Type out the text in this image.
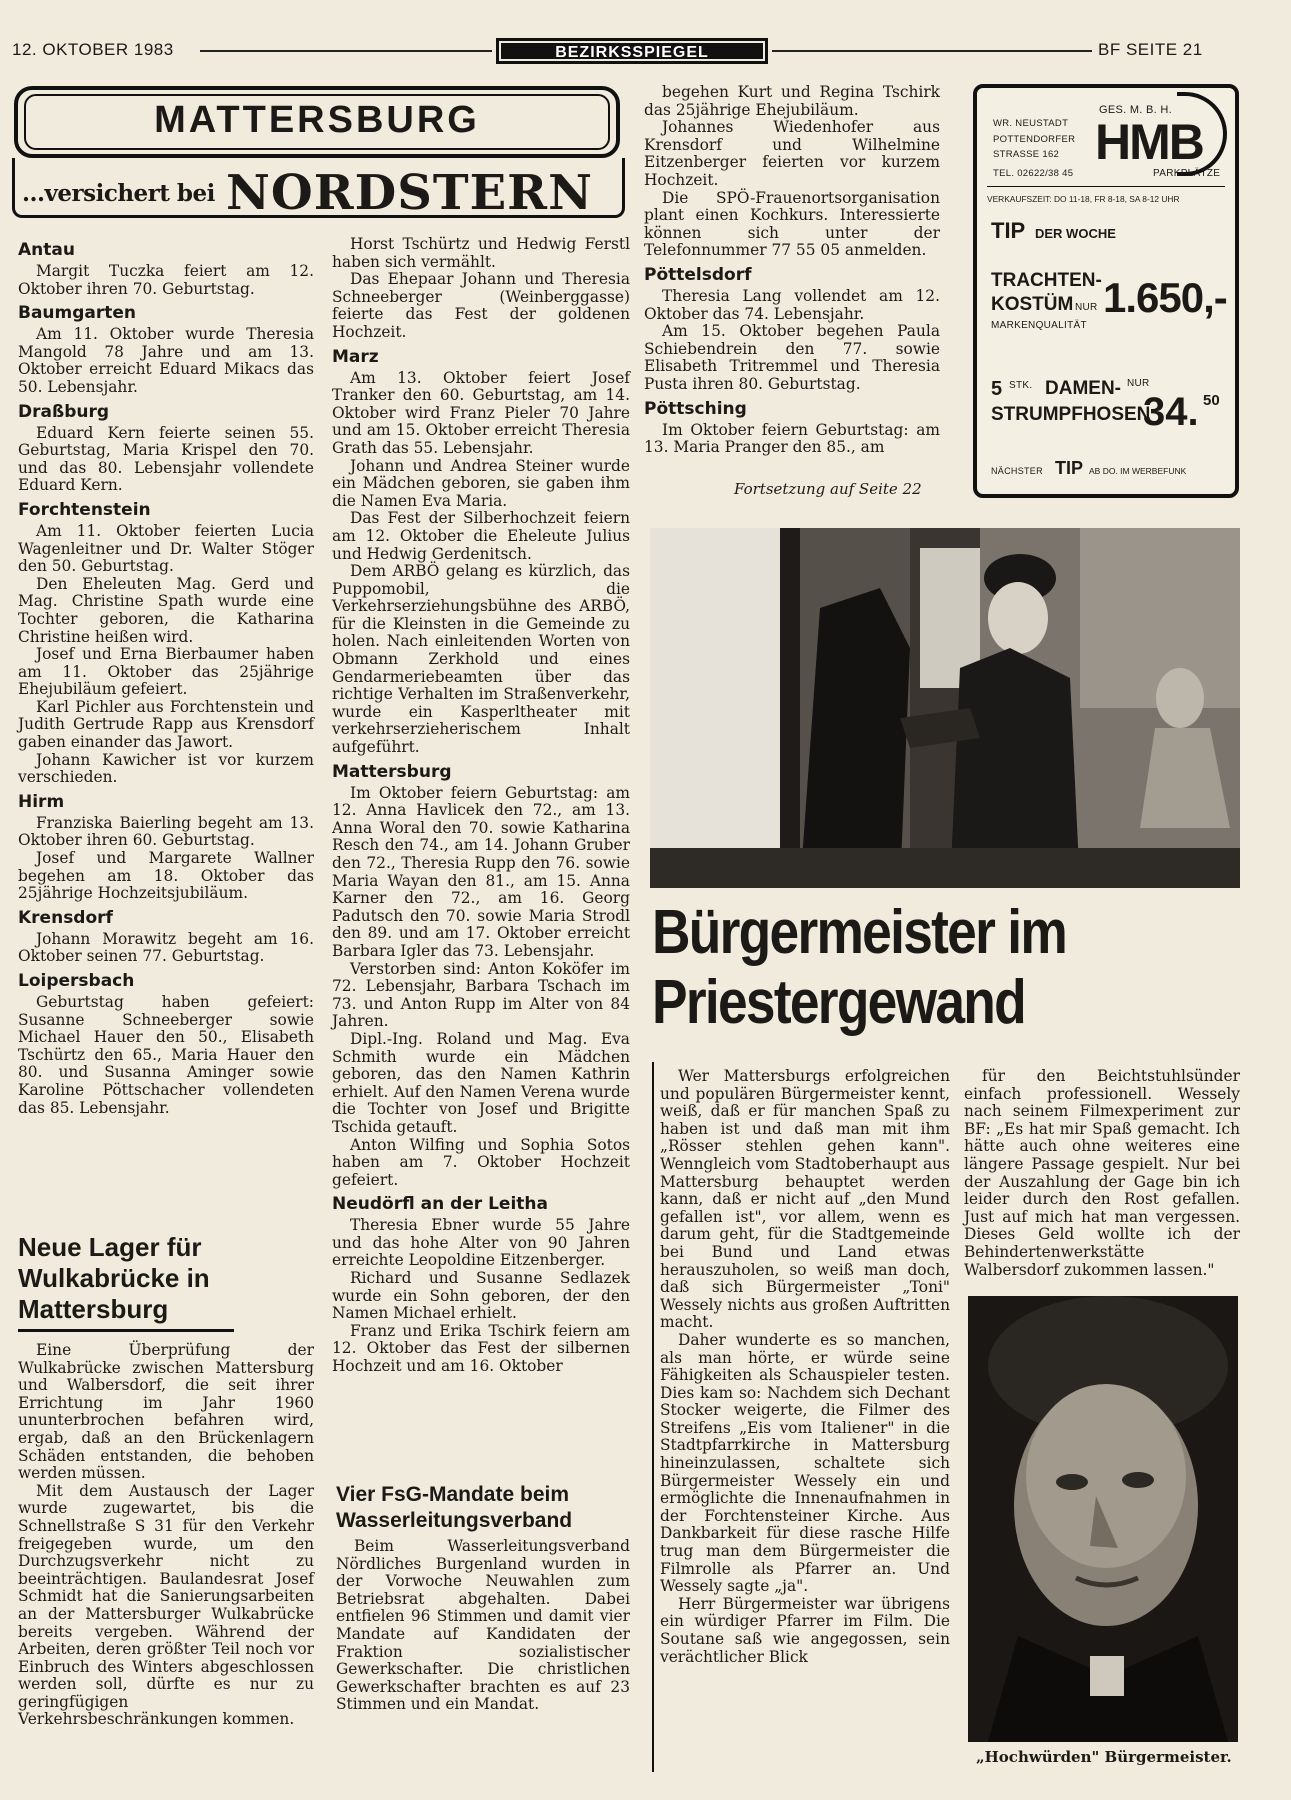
12. OKTOBER 1983	BEZIRKSSPIEGEL	BF SEITE 21
MATTERSBURG
...versichert bei NORDSTERN
Antau

Margit Tuczka feiert am 12. Oktober ihren 70. Geburtstag.

Baumgarten

Am 11. Oktober wurde Theresia Mangold 78 Jahre und am 13. Oktober erreicht Eduard Mikacs das 50. Lebensjahr.

Draßburg

Eduard Kern feierte seinen 55. Geburtstag, Maria Krispel den 70. und das 80. Lebensjahr vollendete Eduard Kern.

Forchtenstein

Am 11. Oktober feierten Lucia Wagenleitner und Dr. Walter Stöger den 50. Geburtstag.

Den Eheleuten Mag. Gerd und Mag. Christine Spath wurde eine Tochter geboren, die Katharina Christine heißen wird.

Josef und Erna Bierbaumer haben am 11. Oktober das 25jährige Ehejubiläum gefeiert.

Karl Pichler aus Forchtenstein und Judith Gertrude Rapp aus Krensdorf gaben einander das Jawort.

Johann Kawicher ist vor kurzem verschieden.

Hirm

Franziska Baierling begeht am 13. Oktober ihren 60. Geburtstag.

Josef und Margarete Wallner begehen am 18. Oktober das 25jährige Hochzeitsjubiläum.

Krensdorf

Johann Morawitz begeht am 16. Oktober seinen 77. Geburtstag.

Loipersbach

Geburtstag haben gefeiert: Susanne Schneeberger sowie Michael Hauer den 50., Elisabeth Tschürtz den 65., Maria Hauer den 80. und Susanna Aminger sowie Karoline Pöttschacher vollendeten das 85. Lebensjahr.

Neue Lager für Wulkabrücke in Mattersburg

Eine Überprüfung der Wulkabrücke zwischen Mattersburg und Walbersdorf, die seit ihrer Errichtung im Jahr 1960 ununterbrochen befahren wird, ergab, daß an den Brückenlagern Schäden entstanden, die behoben werden müssen.

Mit dem Austausch der Lager wurde zugewartet, bis die Schnellstraße S 31 für den Verkehr freigegeben wurde, um den Durchzugsverkehr nicht zu beeinträchtigen. Baulandesrat Josef Schmidt hat die Sanierungsarbeiten an der Mattersburger Wulkabrücke bereits vergeben. Während der Arbeiten, deren größter Teil noch vor Einbruch des Winters abgeschlossen werden soll, dürfte es nur zu geringfügigen Verkehrsbeschränkungen kommen.

Horst Tschürtz und Hedwig Ferstl haben sich vermählt.

Das Ehepaar Johann und Theresia Schneeberger (Weinberggasse) feierte das Fest der goldenen Hochzeit.

Marz

Am 13. Oktober feiert Josef Tranker den 60. Geburtstag, am 14. Oktober wird Franz Pieler 70 Jahre und am 15. Oktober erreicht Theresia Grath das 55. Lebensjahr.

Johann und Andrea Steiner wurde ein Mädchen geboren, sie gaben ihm die Namen Eva Maria.

Das Fest der Silberhochzeit feiern am 12. Oktober die Eheleute Julius und Hedwig Gerdenitsch.

Dem ARBÖ gelang es kürzlich, das Puppomobil, die Verkehrserziehungsbühne des ARBÖ, für die Kleinsten in die Gemeinde zu holen. Nach einleitenden Worten von Obmann Zerkhold und eines Gendarmeriebeamten über das richtige Verhalten im Straßenverkehr, wurde ein Kasperltheater mit verkehrserzieherischem Inhalt aufgeführt.

Mattersburg

Im Oktober feiern Geburtstag: am 12. Anna Havlicek den 72., am 13. Anna Woral den 70. sowie Katharina Resch den 74., am 14. Johann Gruber den 72., Theresia Rupp den 76. sowie Maria Wayan den 81., am 15. Anna Karner den 72., am 16. Georg Padutsch den 70. sowie Maria Strodl den 89. und am 17. Oktober erreicht Barbara Igler das 73. Lebensjahr.

Verstorben sind: Anton Koköfer im 72. Lebensjahr, Barbara Tschach im 73. und Anton Rupp im Alter von 84 Jahren.

Dipl.-Ing. Roland und Mag. Eva Schmith wurde ein Mädchen geboren, das den Namen Kathrin erhielt. Auf den Namen Verena wurde die Tochter von Josef und Brigitte Tschida getauft.

Anton Wilfing und Sophia Sotos haben am 7. Oktober Hochzeit gefeiert.

Neudörfl an der Leitha

Theresia Ebner wurde 55 Jahre und das hohe Alter von 90 Jahren erreichte Leopoldine Eitzenberger.

Richard und Susanne Sedlazek wurde ein Sohn geboren, der den Namen Michael erhielt.

Franz und Erika Tschirk feiern am 12. Oktober das Fest der silbernen Hochzeit und am 16. Oktober

Vier FsG-Mandate beim Wasserleitungsverband

Beim Wasserleitungsverband Nördliches Burgenland wurden in der Vorwoche Neuwahlen zum Betriebsrat abgehalten. Dabei entfielen 96 Stimmen und damit vier Mandate auf Kandidaten der Fraktion sozialistischer Gewerkschafter. Die christlichen Gewerkschafter brachten es auf 23 Stimmen und ein Mandat.

begehen Kurt und Regina Tschirk das 25jährige Ehejubiläum.

Johannes Wiedenhofer aus Krensdorf und Wilhelmine Eitzenberger feierten vor kurzem Hochzeit.

Die SPÖ-Frauenortsorganisation plant einen Kochkurs. Interessierte können sich unter der Telefonnummer 77 55 05 anmelden.

Pöttelsdorf

Theresia Lang vollendet am 12. Oktober das 74. Lebensjahr.

Am 15. Oktober begehen Paula Schiebendrein den 77. sowie Elisabeth Tritremmel und Theresia Pusta ihren 80. Geburtstag.

Pöttsching

Im Oktober feiern Geburtstag: am 13. Maria Pranger den 85., am

Fortsetzung auf Seite 22
WR. NEUSTADT
POTTENDORFER STRASSE 162
TEL. 02622/38 45
GES. M. B. H.
HMB
PARKPLÄTZE
VERKAUFSZEIT: DO 11-18, FR 8-18, SA 8-12 UHR
TIP DER WOCHE
TRACHTEN-
KOSTÜM NUR 1.650,-
MARKENQUALITÄT
5 STK. DAMEN- NUR
STRUMPFHOSEN
34. 50
NÄCHSTER TIP AB DO. IM WERBEFUNK
Bürgermeister im
Priestergewand

Wer Mattersburgs erfolgreichen und populären Bürgermeister kennt, weiß, daß er für manchen Spaß zu haben ist und daß man mit ihm „Rösser stehlen gehen kann". Wenngleich vom Stadtoberhaupt aus Mattersburg behauptet werden kann, daß er nicht auf „den Mund gefallen ist", vor allem, wenn es darum geht, für die Stadtgemeinde bei Bund und Land etwas herauszuholen, so weiß man doch, daß sich Bürgermeister „Toni" Wessely nichts aus großen Auftritten macht.

Daher wunderte es so manchen, als man hörte, er würde seine Fähigkeiten als Schauspieler testen. Dies kam so: Nachdem sich Dechant Stocker weigerte, die Filmer des Streifens „Eis vom Italiener" in die Stadtpfarrkirche in Mattersburg hineinzulassen, schaltete sich Bürgermeister Wessely ein und ermöglichte die Innenaufnahmen in der Forchtensteiner Kirche. Aus Dankbarkeit für diese rasche Hilfe trug man dem Bürgermeister die Filmrolle als Pfarrer an. Und Wessely sagte „ja".

Herr Bürgermeister war übrigens ein würdiger Pfarrer im Film. Die Soutane saß wie angegossen, sein verächtlicher Blick

für den Beichtstuhlsünder einfach professionell. Wessely nach seinem Filmexperiment zur BF: „Es hat mir Spaß gemacht. Ich hätte auch ohne weiteres eine längere Passage gespielt. Nur bei der Auszahlung der Gage bin ich leider durch den Rost gefallen. Just auf mich hat man vergessen. Dieses Geld wollte ich der Behindertenwerkstätte Walbersdorf zukommen lassen."

„Hochwürden" Bürgermeister.
